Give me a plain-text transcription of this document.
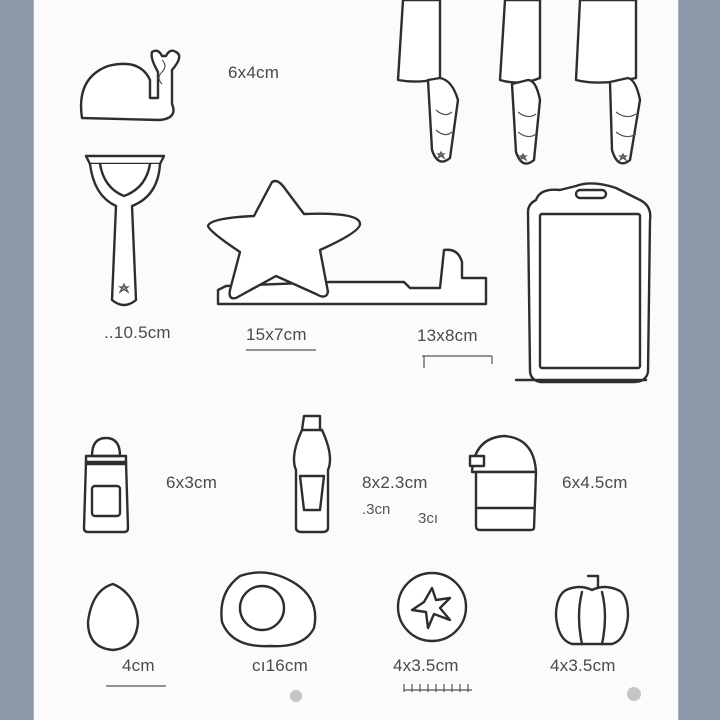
6x4cm
..10.5cm	15x7cm	13x8cm
6x3cm	8x2.3cm
.3cn
3cı
6x4.5cm
4cm	cı16cm	4x3.5cm	4x3.5cm
